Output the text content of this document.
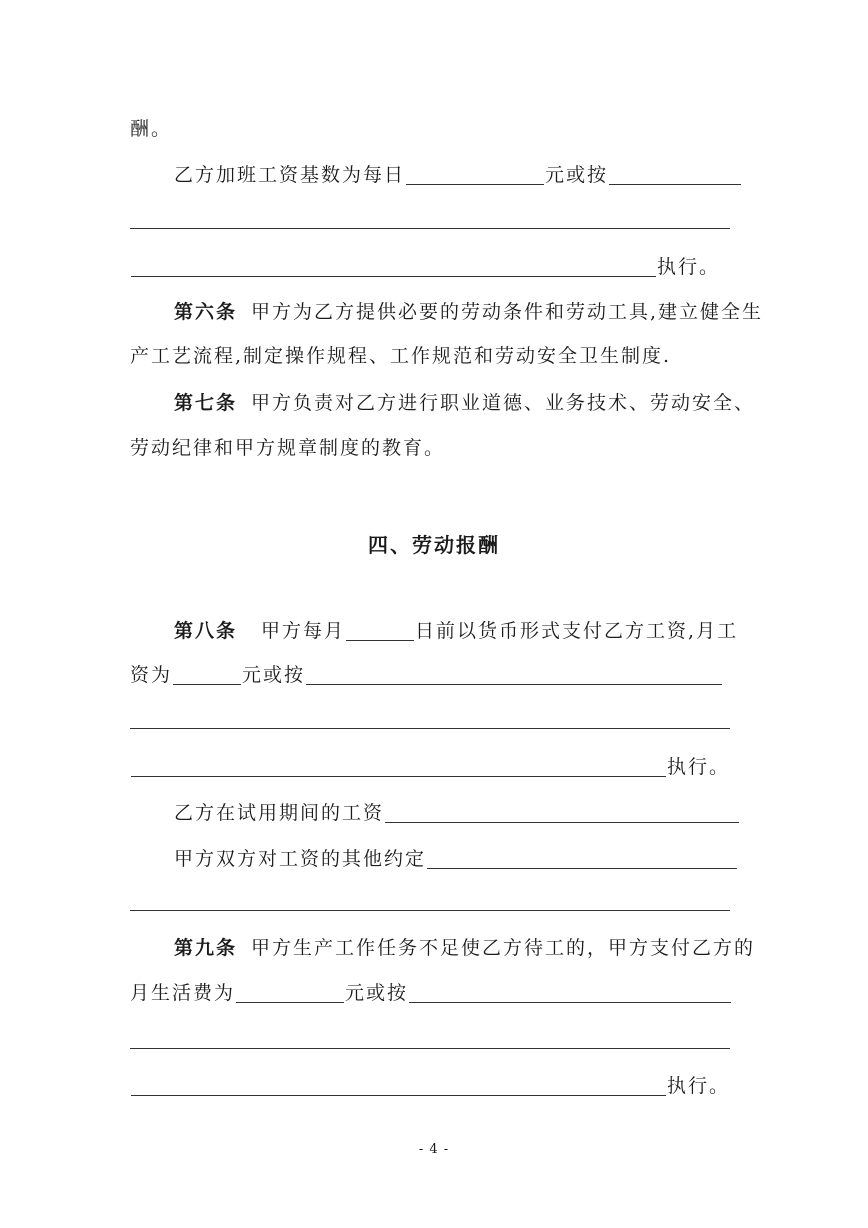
酬。
乙方加班工资基数为每日	元或按
执行。
第六条 甲方为乙方提供必要的劳动条件和劳动工具,建立健全生
产工艺流程,制定操作规程、工作规范和劳动安全卫生制度.
第七条 甲方负责对乙方进行职业道德、业务技术、劳动安全、
劳动纪律和甲方规章制度的教育。
四、劳动报酬
第八条 甲方每月	日前以货币形式支付乙方工资,月工
资为	元或按
执行。
乙方在试用期间的工资
甲方双方对工资的其他约定
第九条 甲方生产工作任务不足使乙方待工的，甲方支付乙方的
月生活费为	元或按
执行。
- 4 -
